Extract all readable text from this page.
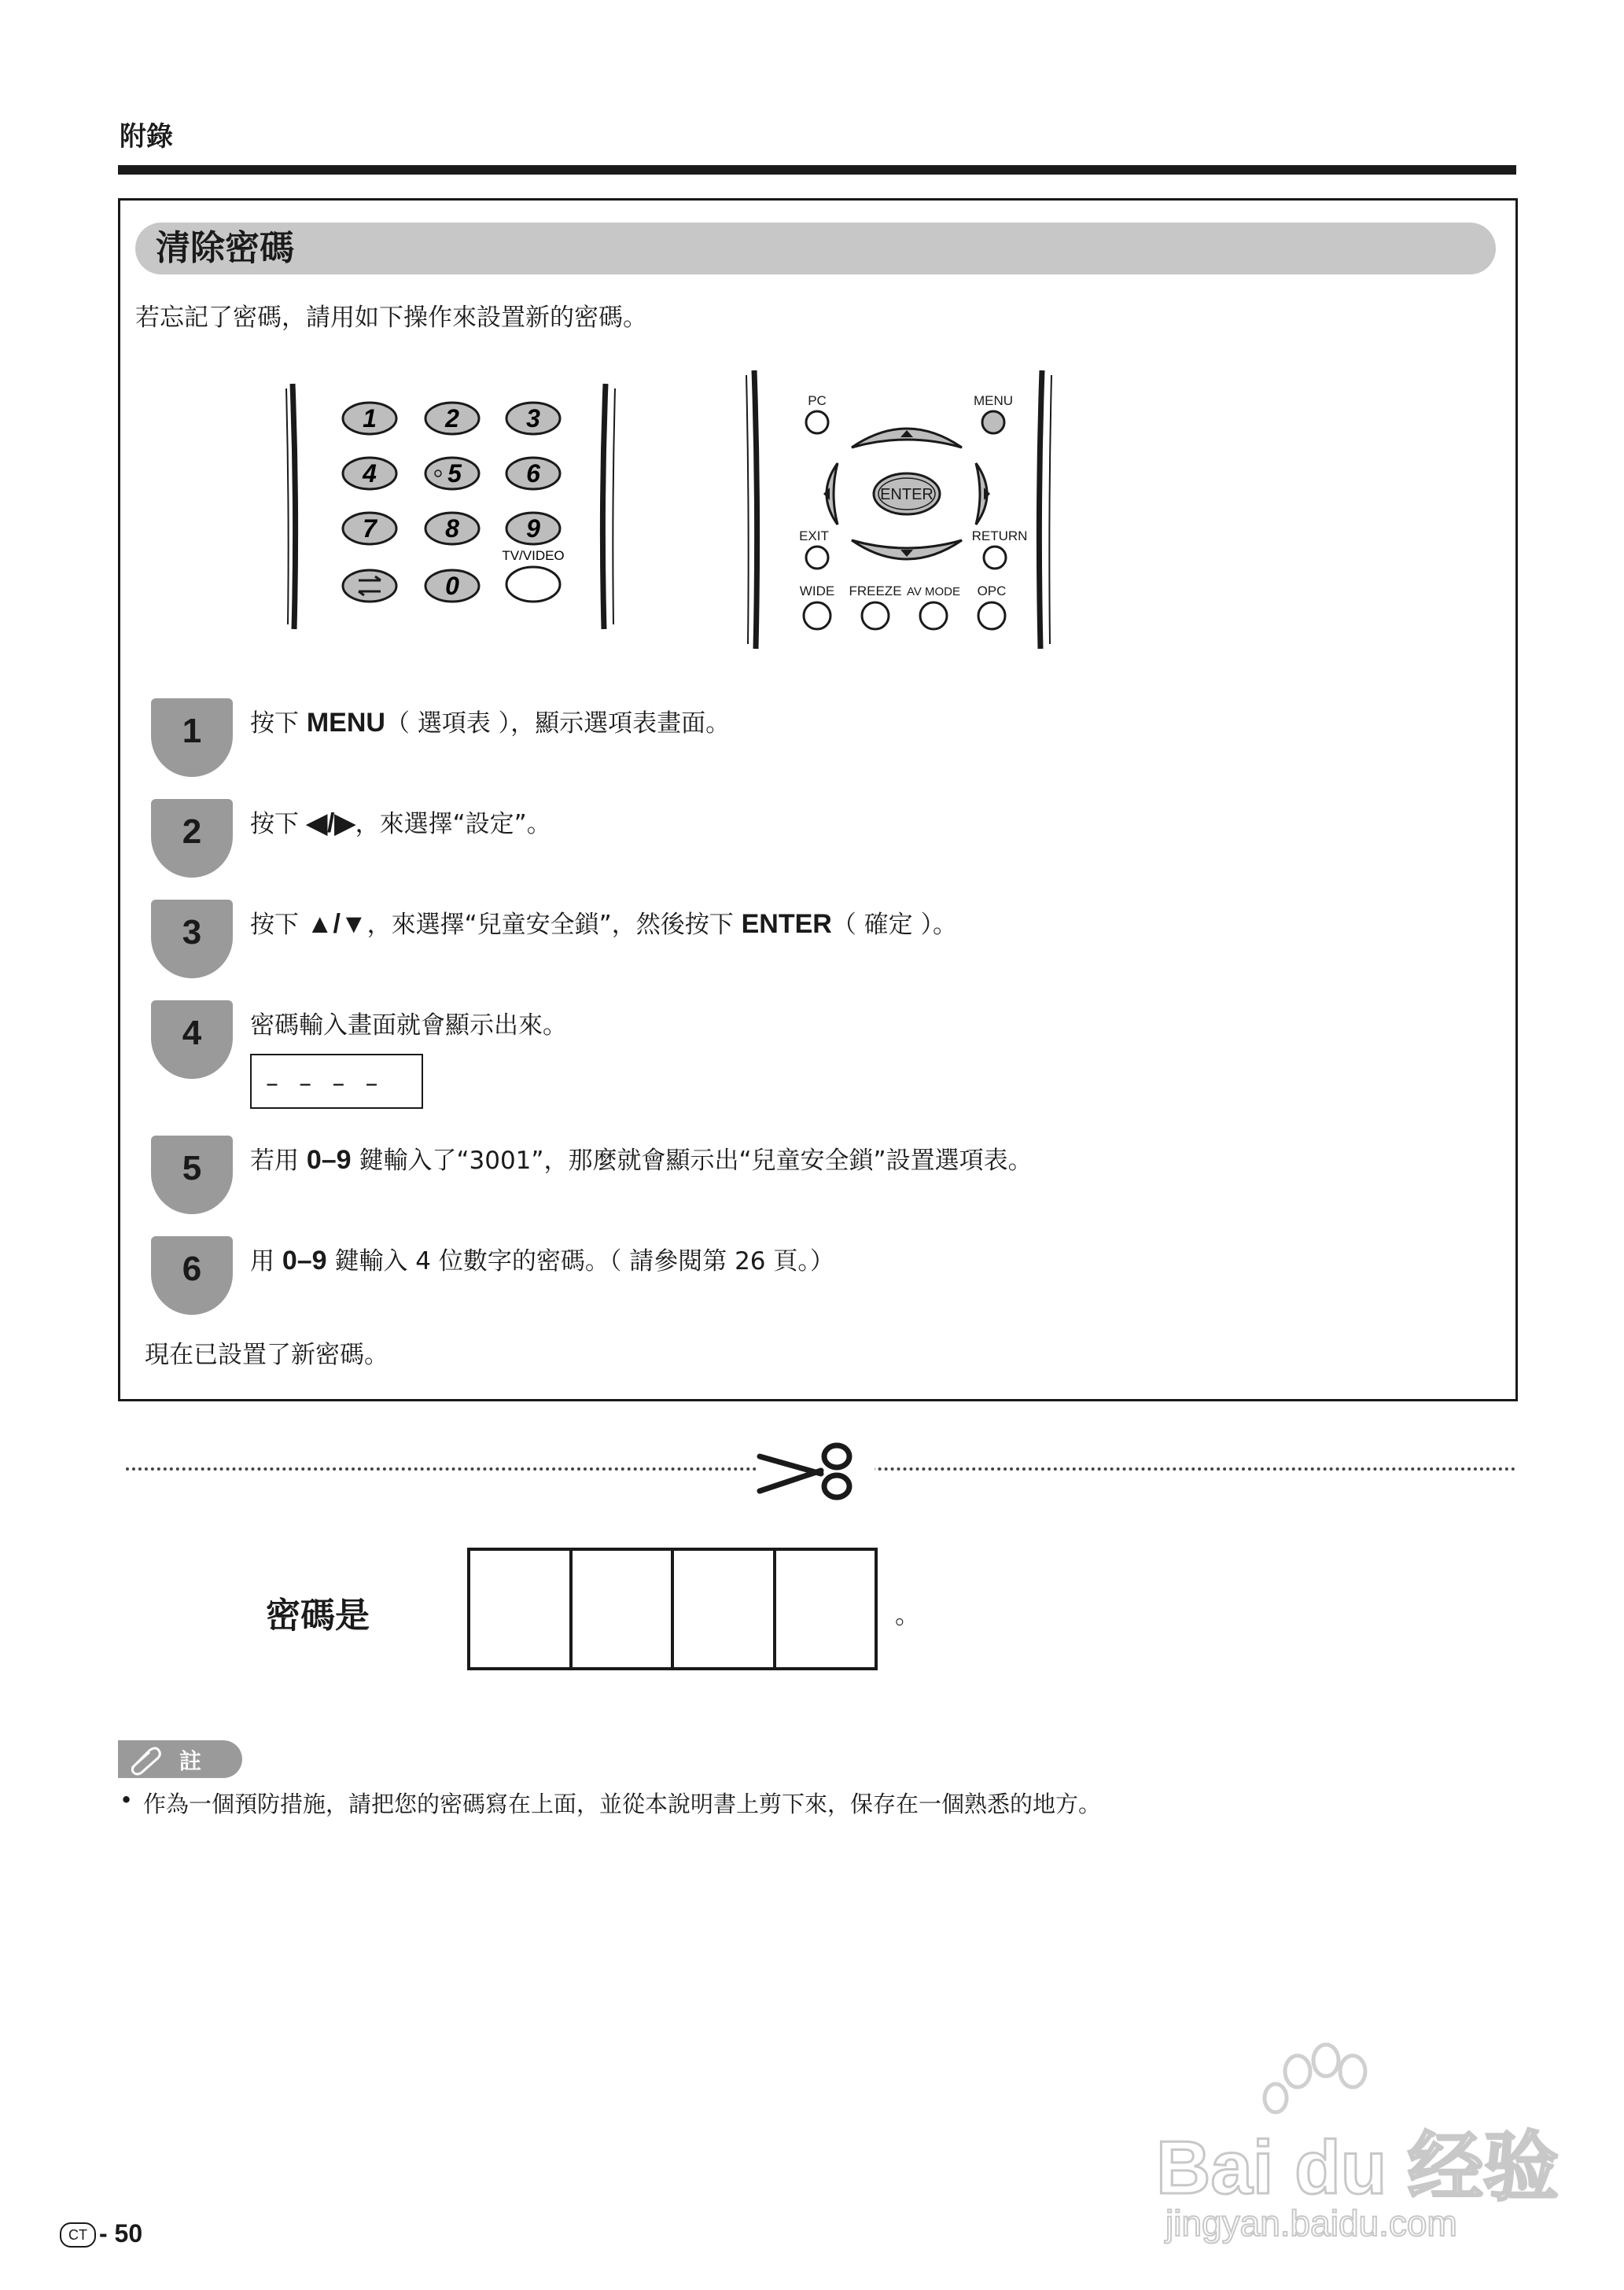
附錄
清除密碼
若忘記了密碼，請用如下操作來設置新的密碼。
1	2	3
4	5	6
7	8	9
0
TV/VIDEO
PC	MENU
ENTER
EXIT	RETURN
WIDE FREEZE AV MODE OPC
1	按下 MENU（ 選項表 ），顯示選項表畫面。
2	按下 ◀/▶，來選擇“設定”。
3	按下 ▲/▼，來選擇“兒童安全鎖”，然後按下 ENTER（ 確定 ）。
4	密碼輸入畫面就會顯示出來。
– – – –
5	若用 0–9 鍵輸入了“3001”，那麼就會顯示出“兒童安全鎖”設置選項表。
6	用 0–9 鍵輸入 4 位數字的密碼。（ 請參閱第 26 頁。）
現在已設置了新密碼。
密碼是	。
註
• 作為一個預防措施，請把您的密碼寫在上面，並從本說明書上剪下來，保存在一個熟悉的地方。
CT - 50
Bai du 经验
jingyan.baidu.com
